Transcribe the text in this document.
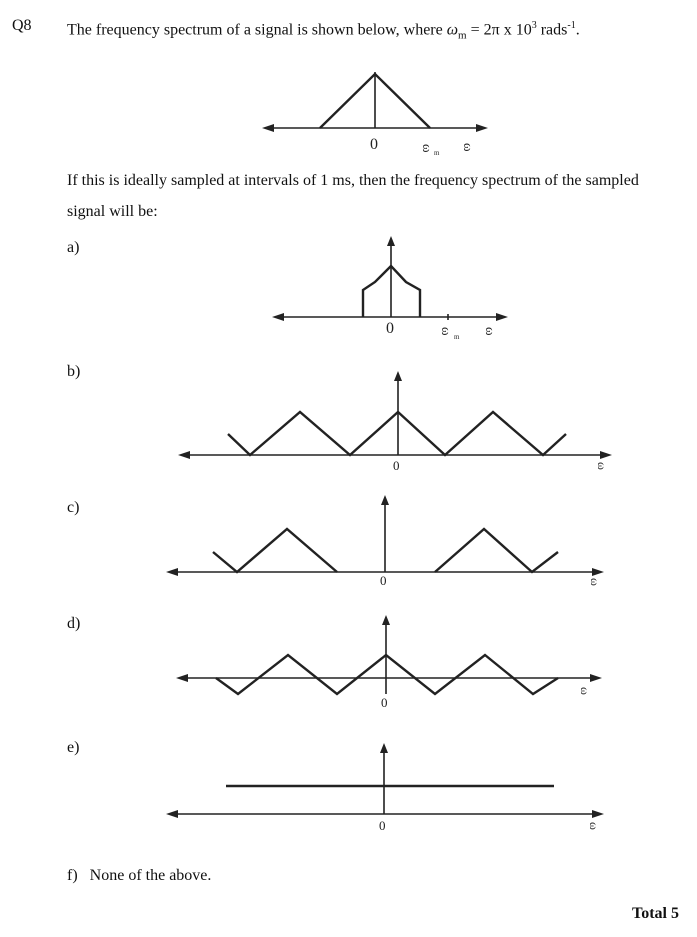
Q8 The frequency spectrum of a signal is shown below, where $\omega_m = 2\pi$ x $10^3$ rads$^{-1}$.
If this is ideally sampled at intervals of 1 ms, then the frequency spectrum of the sampled signal will be:
a)
b)
c)
d)
e)
f) None of the above.
Total 5
0	ω
m
ω
0	ω
m
ω
0	ω
0	ω
0
ω
0	ω
